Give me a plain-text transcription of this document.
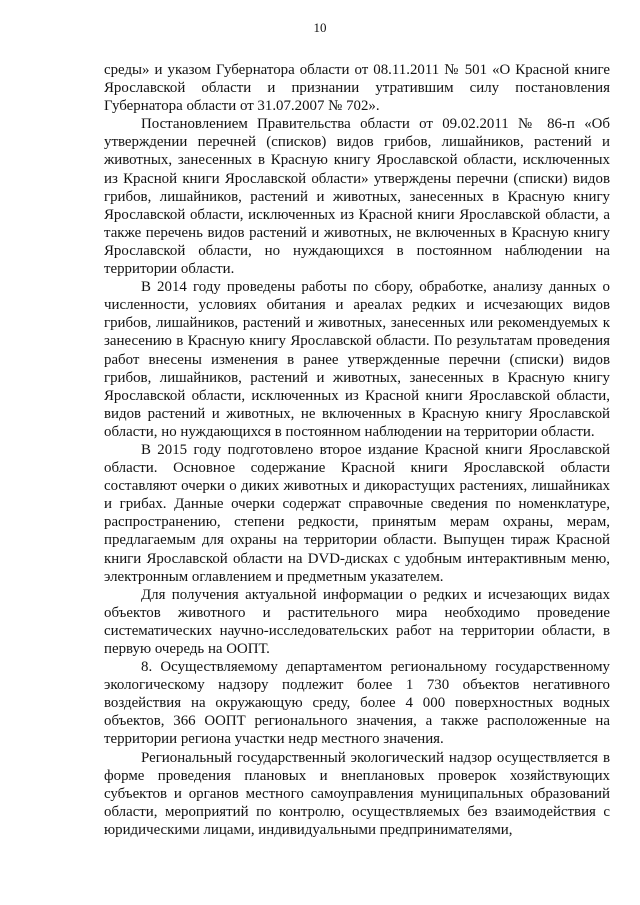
10

среды» и указом Губернатора области от 08.11.2011 № 501 «О Красной книге Ярославской области и признании утратившим силу постановления Губернатора области от 31.07.2007 № 702».

Постановлением Правительства области от 09.02.2011 № 86-п «Об утверждении перечней (списков) видов грибов, лишайников, растений и животных, занесенных в Красную книгу Ярославской области, исключенных из Красной книги Ярославской области» утверждены перечни (списки) видов грибов, лишайников, растений и животных, занесенных в Красную книгу Ярославской области, исключенных из Красной книги Ярославской области, а также перечень видов растений и животных, не включенных в Красную книгу Ярославской области, но нуждающихся в постоянном наблюдении на территории области.

В 2014 году проведены работы по сбору, обработке, анализу данных о численности, условиях обитания и ареалах редких и исчезающих видов грибов, лишайников, растений и животных, занесенных или рекомендуемых к занесению в Красную книгу Ярославской области. По результатам проведения работ внесены изменения в ранее утвержденные перечни (списки) видов грибов, лишайников, растений и животных, занесенных в Красную книгу Ярославской области, исключенных из Красной книги Ярославской области, видов растений и животных, не включенных в Красную книгу Ярославской области, но нуждающихся в постоянном наблюдении на территории области.

В 2015 году подготовлено второе издание Красной книги Ярославской области. Основное содержание Красной книги Ярославской области составляют очерки о диких животных и дикорастущих растениях, лишайниках и грибах. Данные очерки содержат справочные сведения по номенклатуре, распространению, степени редкости, принятым мерам охраны, мерам, предлагаемым для охраны на территории области. Выпущен тираж Красной книги Ярославской области на DVD-дисках с удобным интерактивным меню, электронным оглавлением и предметным указателем.

Для получения актуальной информации о редких и исчезающих видах объектов животного и растительного мира необходимо проведение систематических научно-исследовательских работ на территории области, в первую очередь на ООПТ.

8. Осуществляемому департаментом региональному государственному экологическому надзору подлежит более 1 730 объектов негативного воздействия на окружающую среду, более 4 000 поверхностных водных объектов, 366 ООПТ регионального значения, а также расположенные на территории региона участки недр местного значения.

Региональный государственный экологический надзор осуществляется в форме проведения плановых и внеплановых проверок хозяйствующих субъектов и органов местного самоуправления муниципальных образований области, мероприятий по контролю, осуществляемых без взаимодействия с юридическими лицами, индивидуальными предпринимателями,
